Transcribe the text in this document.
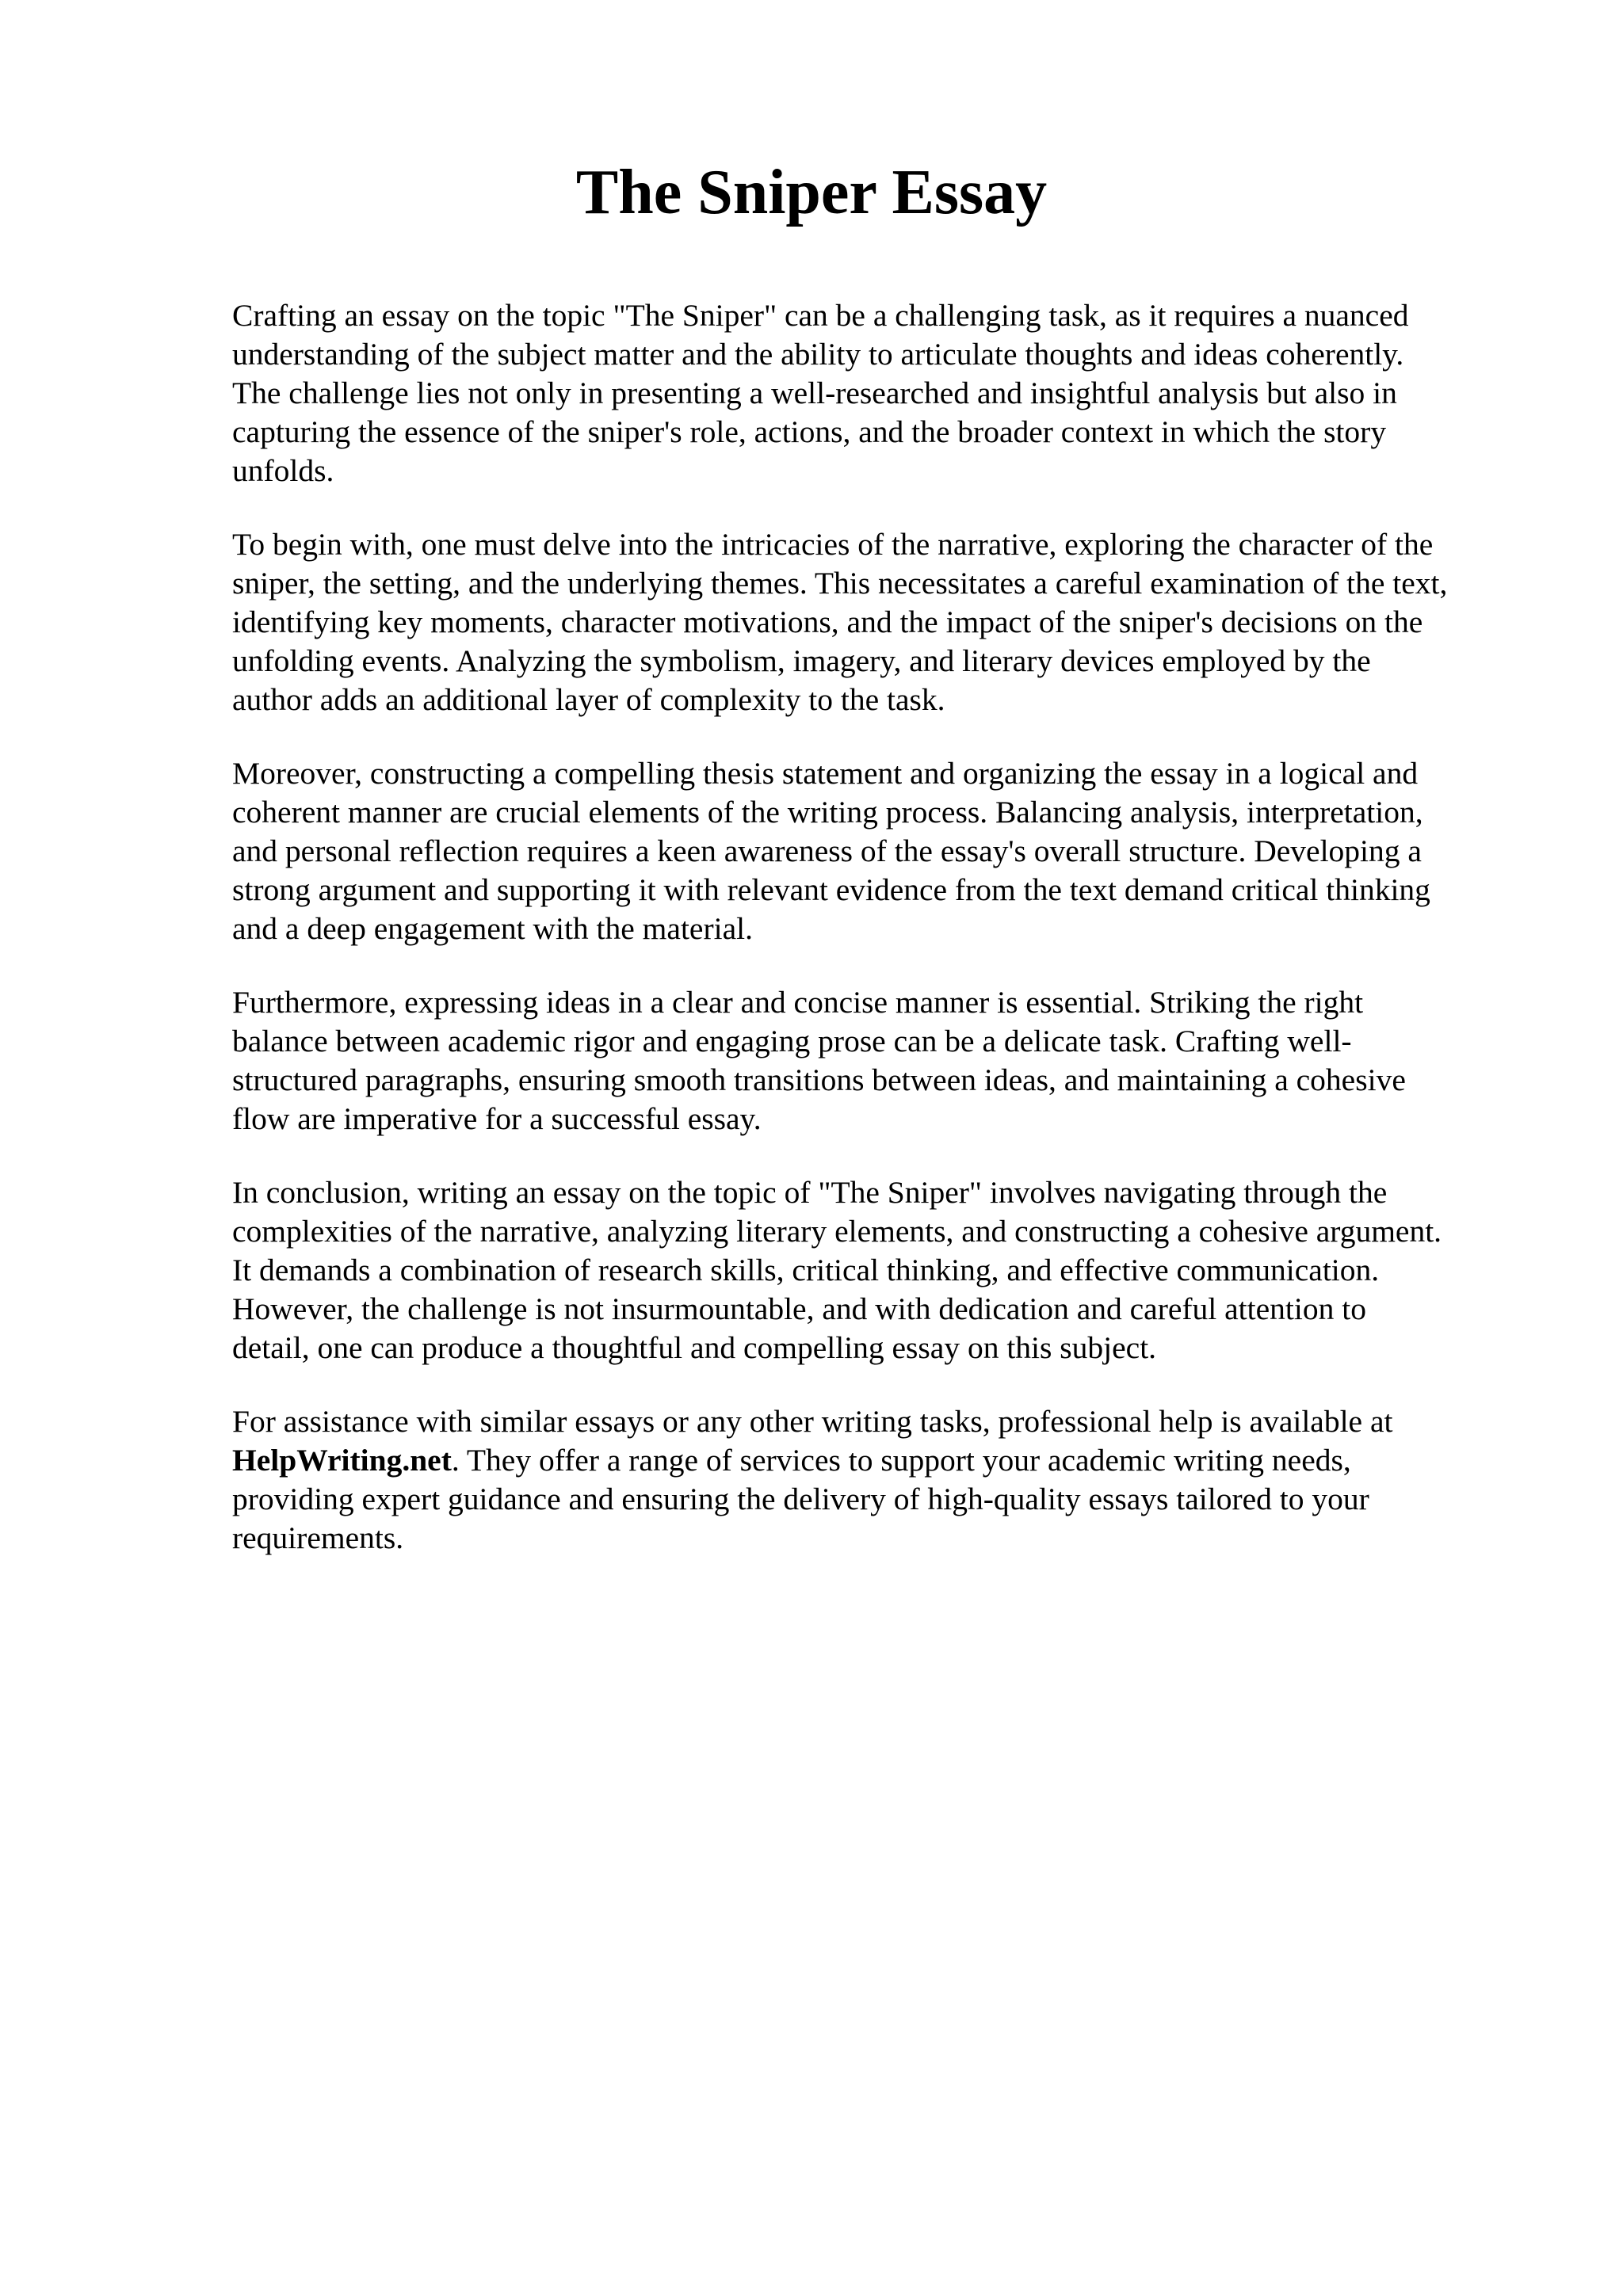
The Sniper Essay

Crafting an essay on the topic "The Sniper" can be a challenging task, as it requires a nuanced
understanding of the subject matter and the ability to articulate thoughts and ideas coherently.
The challenge lies not only in presenting a well-researched and insightful analysis but also in
capturing the essence of the sniper's role, actions, and the broader context in which the story
unfolds.

To begin with, one must delve into the intricacies of the narrative, exploring the character of the
sniper, the setting, and the underlying themes. This necessitates a careful examination of the text,
identifying key moments, character motivations, and the impact of the sniper's decisions on the
unfolding events. Analyzing the symbolism, imagery, and literary devices employed by the
author adds an additional layer of complexity to the task.

Moreover, constructing a compelling thesis statement and organizing the essay in a logical and
coherent manner are crucial elements of the writing process. Balancing analysis, interpretation,
and personal reflection requires a keen awareness of the essay's overall structure. Developing a
strong argument and supporting it with relevant evidence from the text demand critical thinking
and a deep engagement with the material.

Furthermore, expressing ideas in a clear and concise manner is essential. Striking the right
balance between academic rigor and engaging prose can be a delicate task. Crafting well-
structured paragraphs, ensuring smooth transitions between ideas, and maintaining a cohesive
flow are imperative for a successful essay.

In conclusion, writing an essay on the topic of "The Sniper" involves navigating through the
complexities of the narrative, analyzing literary elements, and constructing a cohesive argument.
It demands a combination of research skills, critical thinking, and effective communication.
However, the challenge is not insurmountable, and with dedication and careful attention to
detail, one can produce a thoughtful and compelling essay on this subject.

For assistance with similar essays or any other writing tasks, professional help is available at
HelpWriting.net. They offer a range of services to support your academic writing needs,
providing expert guidance and ensuring the delivery of high-quality essays tailored to your
requirements.
